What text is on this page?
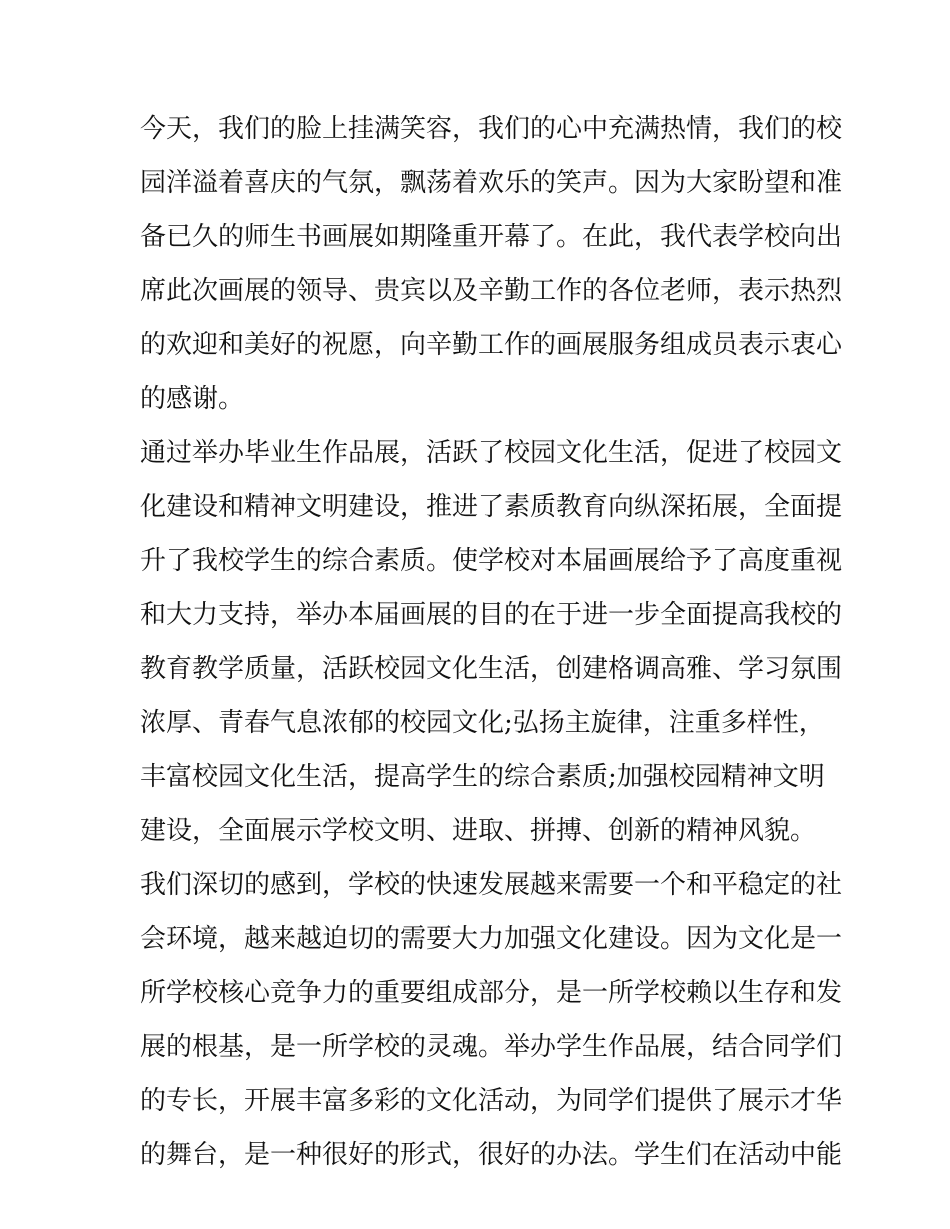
今天，我们的脸上挂满笑容，我们的心中充满热情，我们的校
园洋溢着喜庆的气氛，飘荡着欢乐的笑声。因为大家盼望和准
备已久的师生书画展如期隆重开幕了。在此，我代表学校向出
席此次画展的领导、贵宾以及辛勤工作的各位老师，表示热烈
的欢迎和美好的祝愿，向辛勤工作的画展服务组成员表示衷心
的感谢。
通过举办毕业生作品展，活跃了校园文化生活，促进了校园文
化建设和精神文明建设，推进了素质教育向纵深拓展，全面提
升了我校学生的综合素质。使学校对本届画展给予了高度重视
和大力支持，举办本届画展的目的在于进一步全面提高我校的
教育教学质量，活跃校园文化生活，创建格调高雅、学习氛围
浓厚、青春气息浓郁的校园文化;弘扬主旋律，注重多样性，
丰富校园文化生活，提高学生的综合素质;加强校园精神文明
建设，全面展示学校文明、进取、拼搏、创新的精神风貌。
我们深切的感到，学校的快速发展越来需要一个和平稳定的社
会环境，越来越迫切的需要大力加强文化建设。因为文化是一
所学校核心竞争力的重要组成部分，是一所学校赖以生存和发
展的根基，是一所学校的灵魂。举办学生作品展，结合同学们
的专长，开展丰富多彩的文化活动，为同学们提供了展示才华
的舞台，是一种很好的形式，很好的办法。学生们在活动中能
